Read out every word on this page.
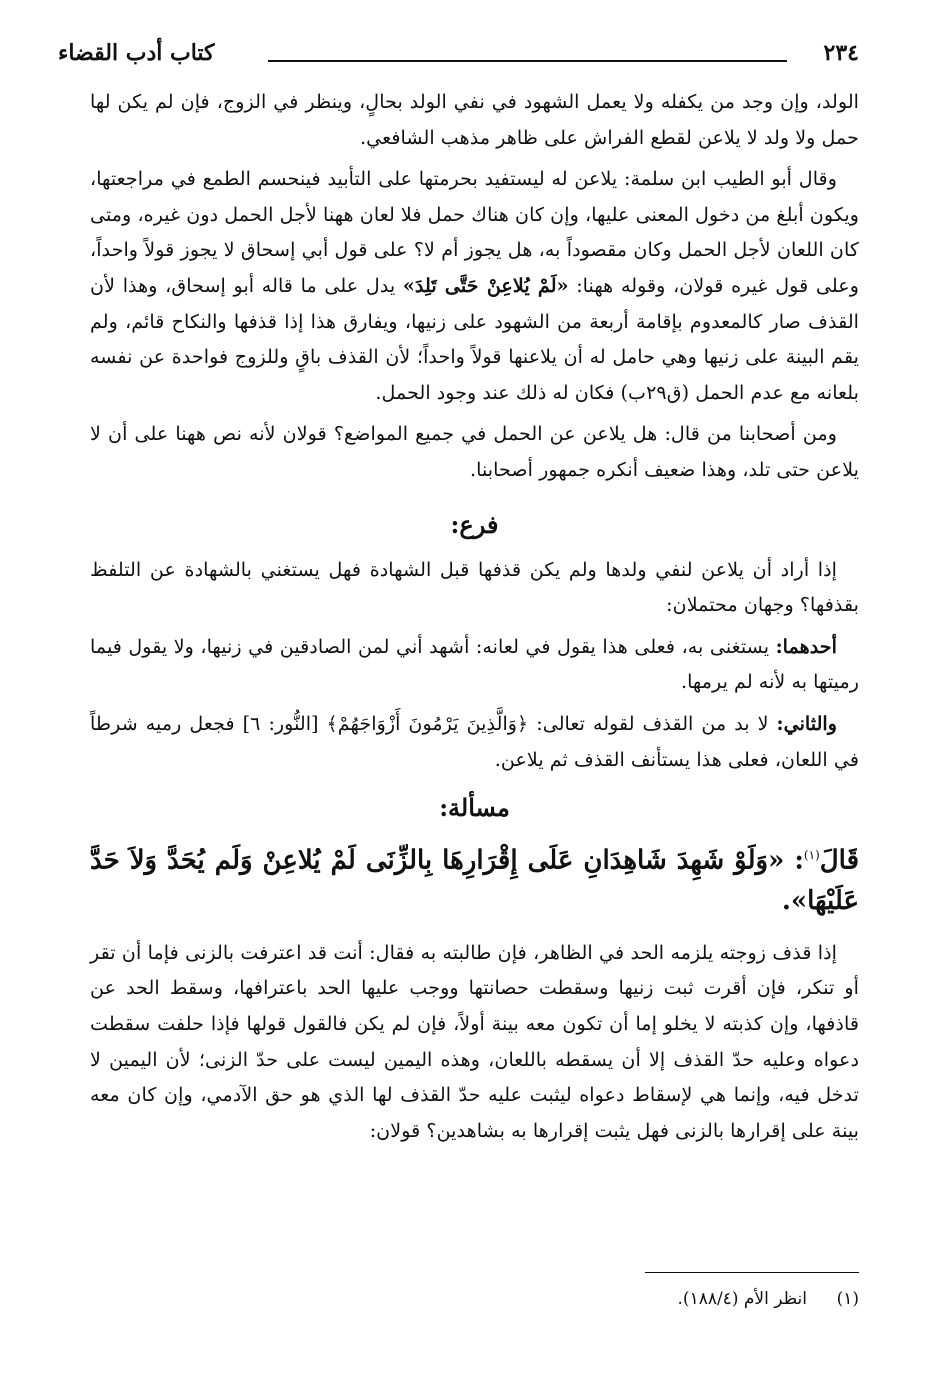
٢٣٤
كتاب أدب القضاء

الولد، وإن وجد من يكفله ولا يعمل الشهود في نفي الولد بحالٍ، وينظر في الزوج، فإن لم يكن لها حمل ولا ولد لا يلاعن لقطع الفراش على ظاهر مذهب الشافعي.

وقال أبو الطيب ابن سلمة: يلاعن له ليستفيد بحرمتها على التأبيد فينحسم الطمع في مراجعتها، ويكون أبلغ من دخول المعنى عليها، وإن كان هناك حمل فلا لعان ههنا لأجل الحمل دون غيره، ومتى كان اللعان لأجل الحمل وكان مقصوداً به، هل يجوز أم لا؟ على قول أبي إسحاق لا يجوز قولاً واحداً، وعلى قول غيره قولان، وقوله ههنا: «لَمْ يُلاعِنْ حَتَّى تَلِدَ» يدل على ما قاله أبو إسحاق، وهذا لأن القذف صار كالمعدوم بإقامة أربعة من الشهود على زنيها، ويفارق هذا إذا قذفها والنكاح قائم، ولم يقم البينة على زنيها وهي حامل له أن يلاعنها قولاً واحداً؛ لأن القذف باقٍ وللزوج فواحدة عن نفسه بلعانه مع عدم الحمل (ق٢٩ب) فكان له ذلك عند وجود الحمل.

ومن أصحابنا من قال: هل يلاعن عن الحمل في جميع المواضع؟ قولان لأنه نص ههنا على أن لا يلاعن حتى تلد، وهذا ضعيف أنكره جمهور أصحابنا.

فرع:

إذا أراد أن يلاعن لنفي ولدها ولم يكن قذفها قبل الشهادة فهل يستغني بالشهادة عن التلفظ بقذفها؟ وجهان محتملان:

أحدهما: يستغنى به، فعلى هذا يقول في لعانه: أشهد أني لمن الصادقين في زنيها، ولا يقول فيما رميتها به لأنه لم يرمها.

والثاني: لا بد من القذف لقوله تعالى: ﴿وَالَّذِينَ يَرْمُونَ أَزْوَاجَهُمْ﴾ [النُّور: ٦] فجعل رميه شرطاً في اللعان، فعلى هذا يستأنف القذف ثم يلاعن.

مسألة:

قَالَ$^{(١)}$: «وَلَوْ شَهِدَ شَاهِدَانِ عَلَى إِقْرَارِهَا بِالزِّنَى لَمْ يُلاعِنْ وَلَم يُحَدَّ وَلاَ حَدَّ عَلَيْهَا».

إذا قذف زوجته يلزمه الحد في الظاهر، فإن طالبته به فقال: أنت قد اعترفت بالزنى فإما أن تقر أو تنكر، فإن أقرت ثبت زنيها وسقطت حصانتها ووجب عليها الحد باعترافها، وسقط الحد عن قاذفها، وإن كذبته لا يخلو إما أن تكون معه بينة أولاً، فإن لم يكن فالقول قولها فإذا حلفت سقطت دعواه وعليه حدّ القذف إلا أن يسقطه باللعان، وهذه اليمين ليست على حدّ الزنى؛ لأن اليمين لا تدخل فيه، وإنما هي لإسقاط دعواه ليثبت عليه حدّ القذف لها الذي هو حق الآدمي، وإن كان معه بينة على إقرارها بالزنى فهل يثبت إقرارها به بشاهدين؟ قولان:

(١)انظر الأم (١٨٨/٤).
